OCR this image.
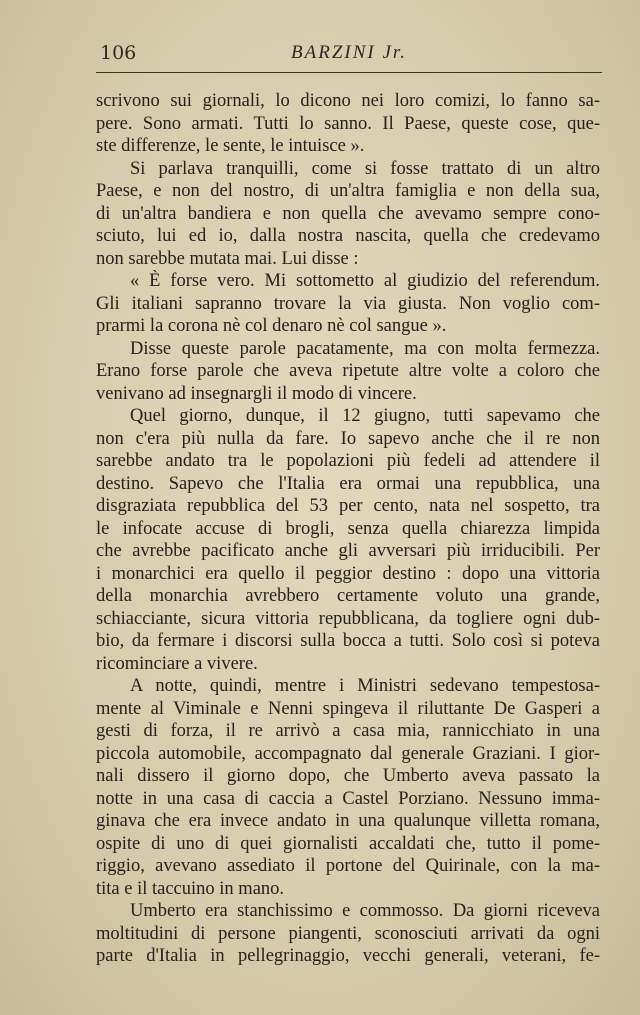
106	BARZINI Jr.

scrivono sui giornali, lo dicono nei loro comizi, lo fanno sa-
pere. Sono armati. Tutti lo sanno. Il Paese, queste cose, que-
ste differenze, le sente, le intuisce ».

Si parlava tranquilli, come si fosse trattato di un altro
Paese, e non del nostro, di un'altra famiglia e non della sua,
di un'altra bandiera e non quella che avevamo sempre cono-
sciuto, lui ed io, dalla nostra nascita, quella che credevamo
non sarebbe mutata mai. Lui disse :

« È forse vero. Mi sottometto al giudizio del referendum.
Gli italiani sapranno trovare la via giusta. Non voglio com-
prarmi la corona nè col denaro nè col sangue ».

Disse queste parole pacatamente, ma con molta fermezza.
Erano forse parole che aveva ripetute altre volte a coloro che
venivano ad insegnargli il modo di vincere.

Quel giorno, dunque, il 12 giugno, tutti sapevamo che
non c'era più nulla da fare. Io sapevo anche che il re non
sarebbe andato tra le popolazioni più fedeli ad attendere il
destino. Sapevo che l'Italia era ormai una repubblica, una
disgraziata repubblica del 53 per cento, nata nel sospetto, tra
le infocate accuse di brogli, senza quella chiarezza limpida
che avrebbe pacificato anche gli avversari più irriducibili. Per
i monarchici era quello il peggior destino : dopo una vittoria
della monarchia avrebbero certamente voluto una grande,
schiacciante, sicura vittoria repubblicana, da togliere ogni dub-
bio, da fermare i discorsi sulla bocca a tutti. Solo così si poteva
ricominciare a vivere.

A notte, quindi, mentre i Ministri sedevano tempestosa-
mente al Viminale e Nenni spingeva il riluttante De Gasperi a
gesti di forza, il re arrivò a casa mia, rannicchiato in una
piccola automobile, accompagnato dal generale Graziani. I gior-
nali dissero il giorno dopo, che Umberto aveva passato la
notte in una casa di caccia a Castel Porziano. Nessuno imma-
ginava che era invece andato in una qualunque villetta romana,
ospite di uno di quei giornalisti accaldati che, tutto il pome-
riggio, avevano assediato il portone del Quirinale, con la ma-
tita e il taccuino in mano.

Umberto era stanchissimo e commosso. Da giorni riceveva
moltitudini di persone piangenti, sconosciuti arrivati da ogni
parte d'Italia in pellegrinaggio, vecchi generali, veterani, fe-
